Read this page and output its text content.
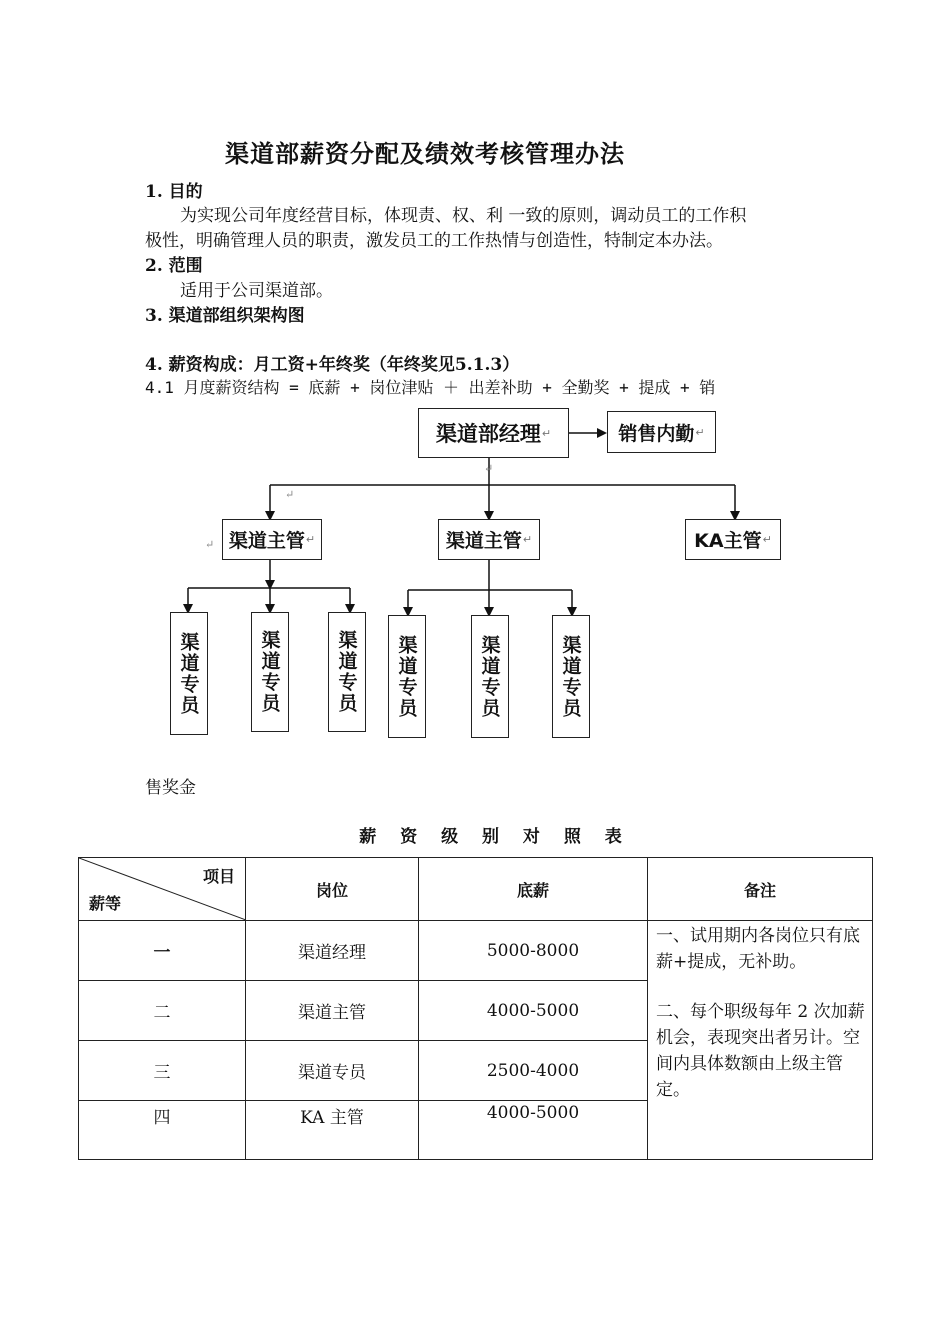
渠道部薪资分配及绩效考核管理办法
1. 目的
为实现公司年度经营目标，体现责、权、利 一致的原则，调动员工的工作积
极性，明确管理人员的职责，激发员工的工作热情与创造性，特制定本办法。
2. 范围
适用于公司渠道部。
3. 渠道部组织架构图
4. 薪资构成：月工资+年终奖（年终奖见5.1.3）
4.1 月度薪资结构 = 底薪 + 岗位津贴 ＋ 出差补助 + 全勤奖 + 提成 + 销
渠道部经理 ↵	销售内勤 ↵
渠道主管 ↵	渠道主管 ↵	KA主管 ↵
渠道专员	渠道专员	渠道专员 渠道专员	渠道专员	渠道专员
↵
↵
↵
售奖金
薪 资 级 别 对 照 表
项目
薪等	岗位	底薪	备注
一	渠道经理	5000-8000	一、试用期内各岗位只有底薪+提成，无补助。
二、每个职级每年 2 次加薪机会，表现突出者另计。空间内具体数额由上级主管定。

二	渠道主管	4000-5000	
三	渠道专员	2500-4000	
四	KA 主管	4000-5000	
